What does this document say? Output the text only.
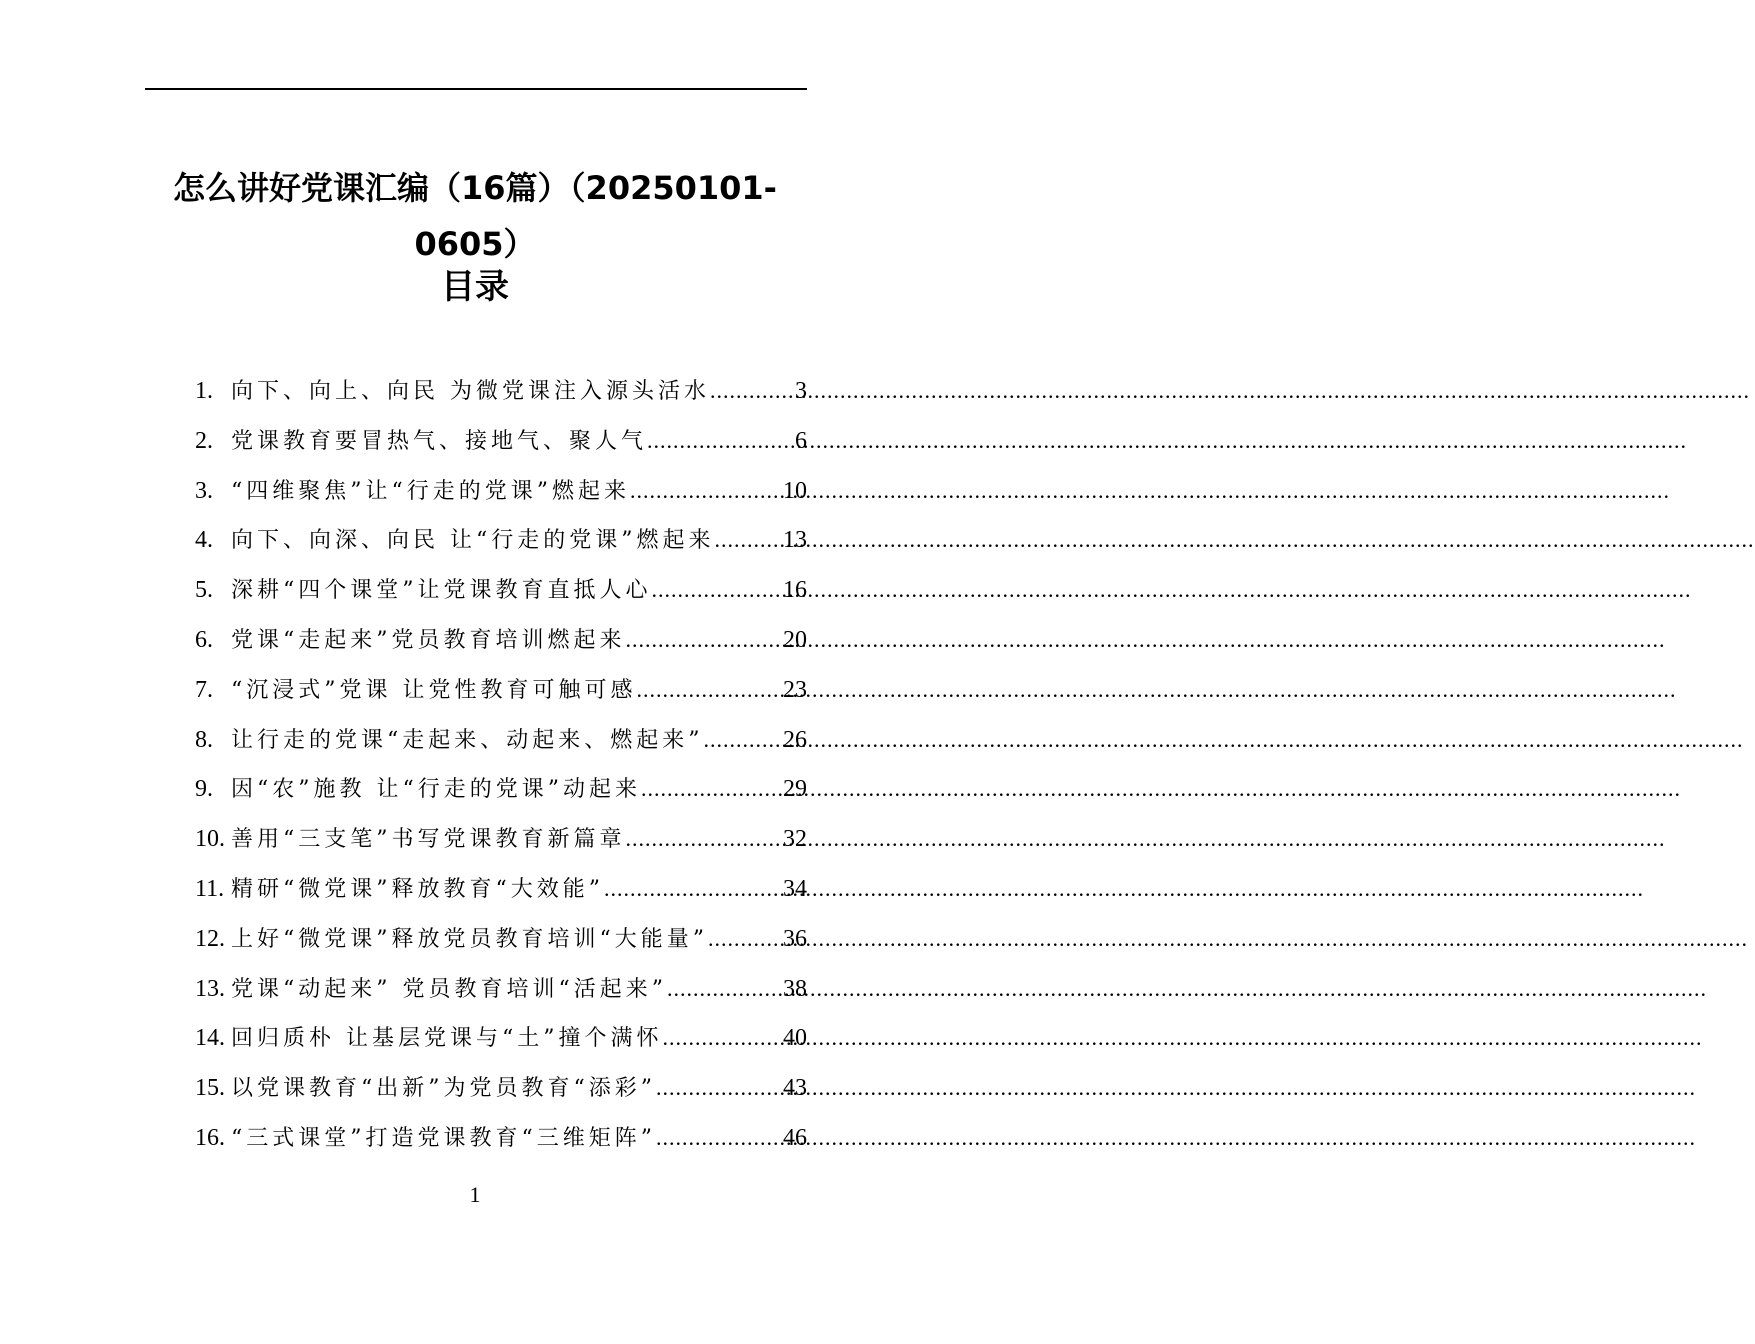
怎么讲好党课汇编（16篇）（20250101-0605）
目录
1. 向下、向上、向民 为微党课注入源头活水 .....	3
2. 党课教育要冒热气、接地气、聚人气 .....	6
3. “四维聚焦”让“行走的党课”燃起来 .....	10
4. 向下、向深、向民 让“行走的党课”燃起来 .....	13
5. 深耕“四个课堂”让党课教育直抵人心 .....	16
6. 党课“走起来”党员教育培训燃起来 .....	20
7. “沉浸式”党课 让党性教育可触可感 .....	23
8. 让行走的党课“走起来、动起来、燃起来” .....	26
9. 因“农”施教 让“行走的党课”动起来 .....	29
10. 善用“三支笔”书写党课教育新篇章 .....	32
11. 精研“微党课”释放教育“大效能” .....	34
12. 上好“微党课”释放党员教育培训“大能量” .....	36
13. 党课“动起来” 党员教育培训“活起来” .....	38
14. 回归质朴 让基层党课与“土”撞个满怀 .....	40
15. 以党课教育“出新”为党员教育“添彩” .....	43
16. “三式课堂”打造党课教育“三维矩阵” .....	46
1
